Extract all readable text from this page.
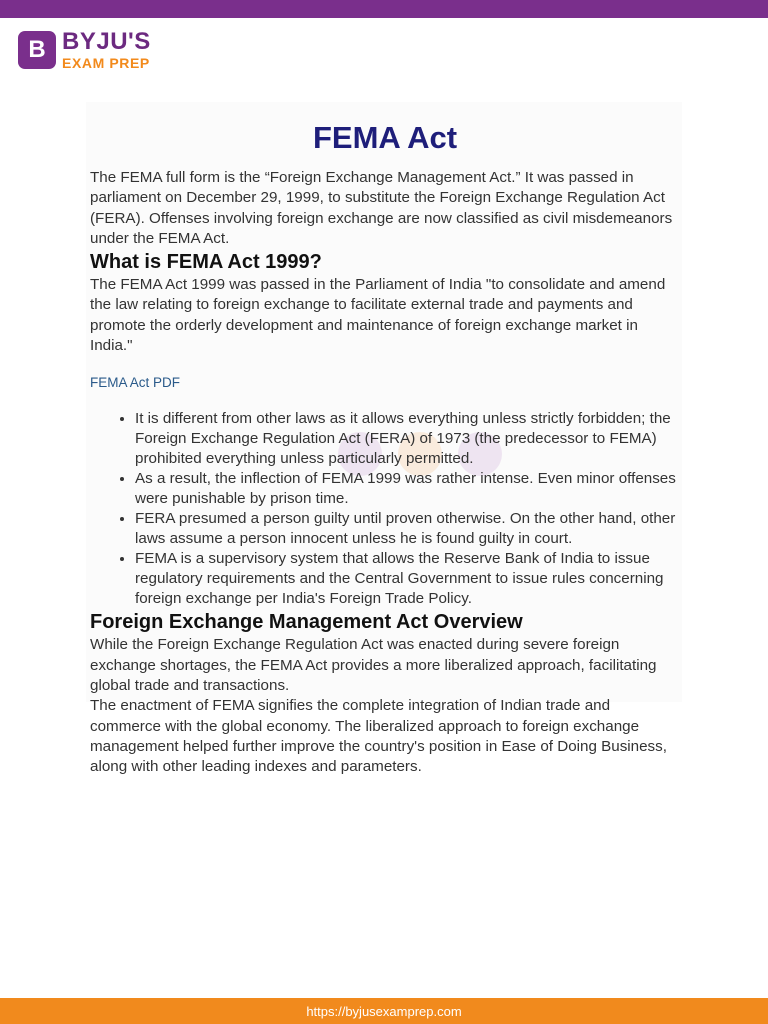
B BYJU'S
EXAM PREP
FEMA Act

The FEMA full form is the “Foreign Exchange Management Act.” It was passed in parliament on December 29, 1999, to substitute the Foreign Exchange Regulation Act (FERA). Offenses involving foreign exchange are now classified as civil misdemeanors under the FEMA Act.

What is FEMA Act 1999?

The FEMA Act 1999 was passed in the Parliament of India "to consolidate and amend the law relating to foreign exchange to facilitate external trade and payments and promote the orderly development and maintenance of foreign exchange market in India."

FEMA Act PDF
• It is different from other laws as it allows everything unless strictly forbidden; the Foreign Exchange Regulation Act (FERA) of 1973 (the predecessor to FEMA) prohibited everything unless particularly permitted.
• As a result, the inflection of FEMA 1999 was rather intense. Even minor offenses were punishable by prison time.
• FERA presumed a person guilty until proven otherwise. On the other hand, other laws assume a person innocent unless he is found guilty in court.
• FEMA is a supervisory system that allows the Reserve Bank of India to issue regulatory requirements and the Central Government to issue rules concerning foreign exchange per India's Foreign Trade Policy.
Foreign Exchange Management Act Overview

While the Foreign Exchange Regulation Act was enacted during severe foreign exchange shortages, the FEMA Act provides a more liberalized approach, facilitating global trade and transactions.

The enactment of FEMA signifies the complete integration of Indian trade and commerce with the global economy. The liberalized approach to foreign exchange management helped further improve the country's position in Ease of Doing Business, along with other leading indexes and parameters.

https://byjusexamprep.com
